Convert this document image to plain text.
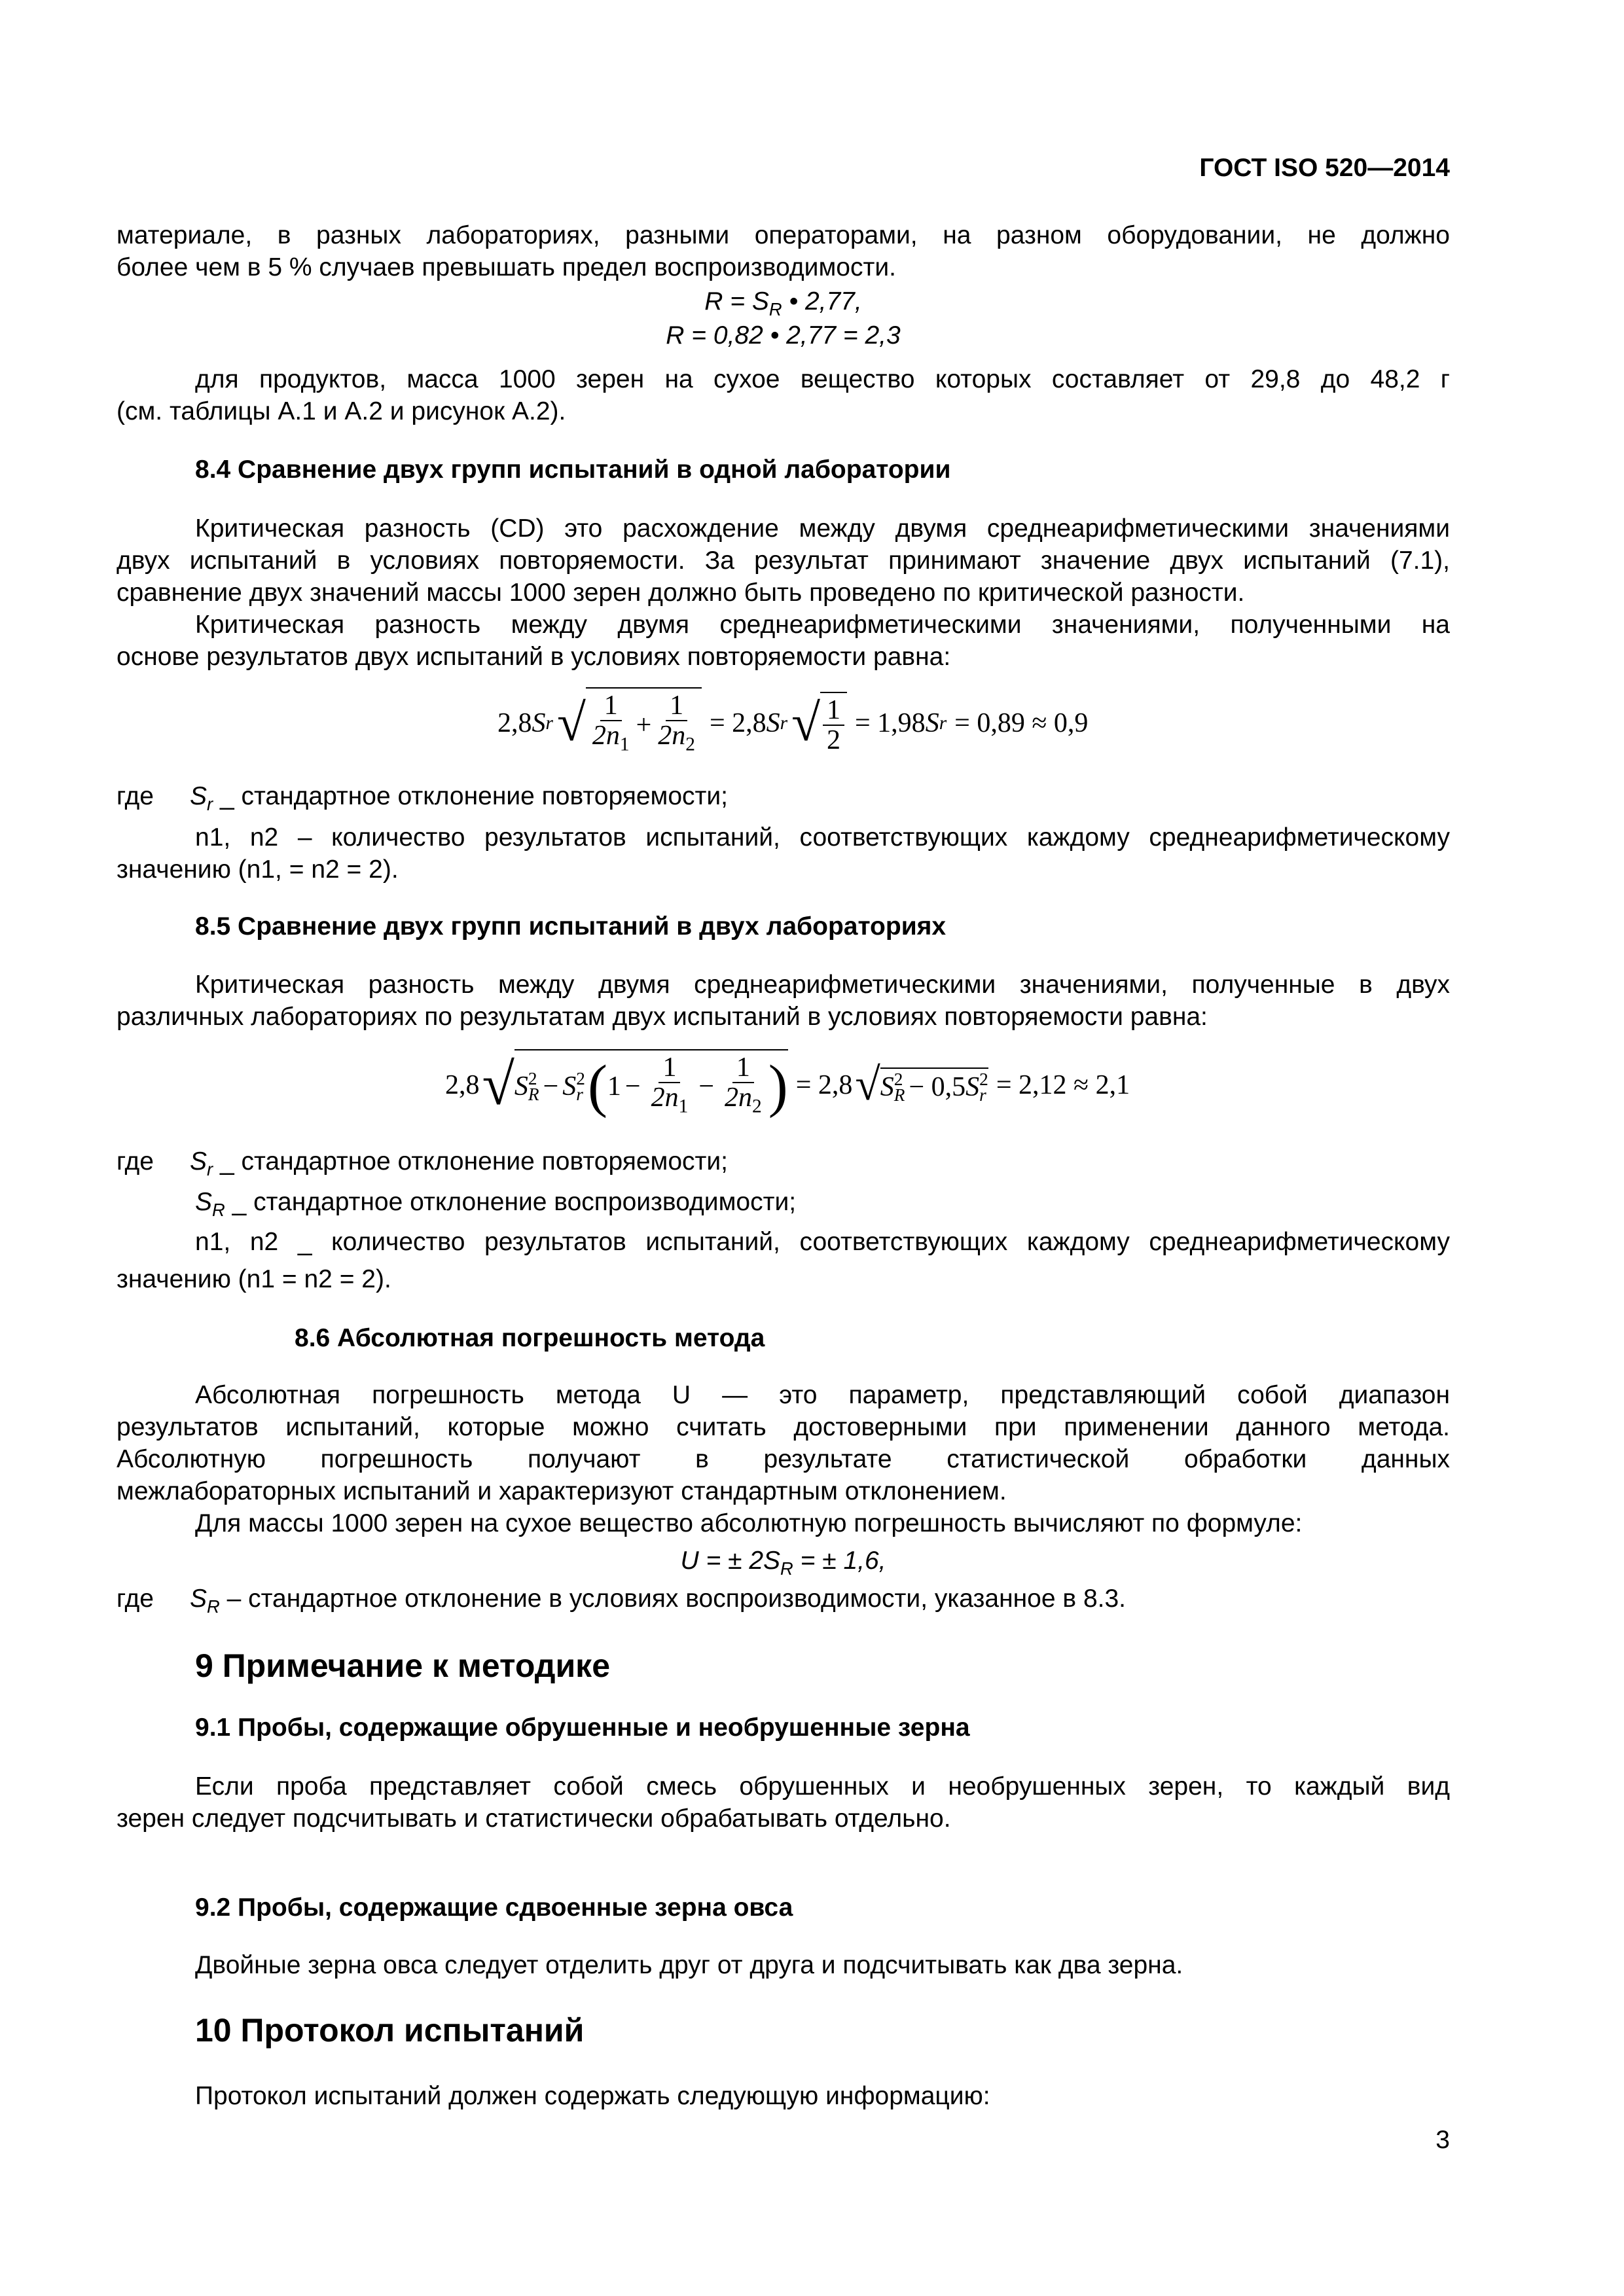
ГОСТ ISO 520—2014
материале, в разных лабораториях, разными операторами, на разном оборудовании, не должно
более чем в 5 % случаев превышать предел воспроизводимости.
$R = S_R$ • 2,77,
R = 0,82 • 2,77 = 2,3
для продуктов, масса 1000 зерен на сухое вещество которых составляет от 29,8 до 48,2 г
(см. таблицы А.1 и А.2 и рисунок А.2).
8.4 Сравнение двух групп испытаний в одной лаборатории
Критическая разность (CD) это расхождение между двумя среднеарифметическими значениями
двух испытаний в условиях повторяемости. За результат принимают значение двух испытаний (7.1),
сравнение двух значений массы 1000 зерен должно быть проведено по критической разности.
Критическая разность между двумя среднеарифметическими значениями, полученными на
основе результатов двух испытаний в условиях повторяемости равна:
2,8 S r √ $\frac{1}{2n_1} + \frac{1}{2n_2} = 2,8$ S r √ $\frac{1}{2} = 1,98$ S r = 0,89 ≈ 0,9
где $S_r$ _ стандартное отклонение повторяемости;
n1, n2 – количество результатов испытаний, соответствующих каждому среднеарифметическому
значению (n1, = n2 = 2).
8.5 Сравнение двух групп испытаний в двух лабораториях
Критическая разность между двумя среднеарифметическими значениями, полученные в двух
различных лабораториях по результатам двух испытаний в условиях повторяемости равна:
2,8 √ S 2
R − S 2
r ( $1 - \frac{1}{2n_1} - \frac{1}{2n_2}$ ) = 2,8 √ S 2
R − 0,5 S 2
r = 2,12 ≈ 2,1
где $S_r$ _ стандартное отклонение повторяемости;
$S_R$ _ стандартное отклонение воспроизводимости;
n1, n2 _ количество результатов испытаний, соответствующих каждому среднеарифметическому
значению (n1 = n2 = 2).
8.6 Абсолютная погрешность метода
Абсолютная погрешность метода U — это параметр, представляющий собой диапазон
результатов испытаний, которые можно считать достоверными при применении данного метода.
Абсолютную погрешность получают в результате статистической обработки данных
межлабораторных испытаний и характеризуют стандартным отклонением.
Для массы 1000 зерен на сухое вещество абсолютную погрешность вычисляют по формуле:
U = ± $2S_R$ = ± 1,6,
где $S_R$ – стандартное отклонение в условиях воспроизводимости, указанное в 8.3.
9 Примечание к методике
9.1 Пробы, содержащие обрушенные и необрушенные зерна
Если проба представляет собой смесь обрушенных и необрушенных зерен, то каждый вид
зерен следует подсчитывать и статистически обрабатывать отдельно.
9.2 Пробы, содержащие сдвоенные зерна овса
Двойные зерна овса следует отделить друг от друга и подсчитывать как два зерна.
10 Протокол испытаний
Протокол испытаний должен содержать следующую информацию:
3
